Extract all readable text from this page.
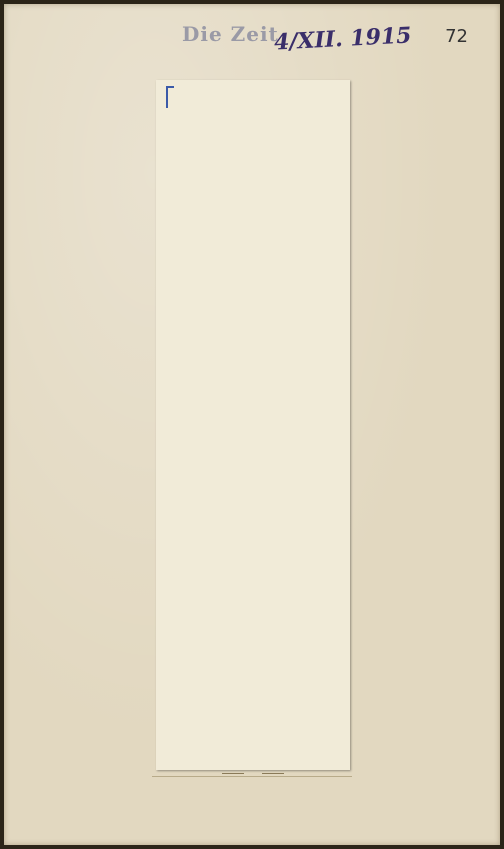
Die Zeit
4/XII. 1915 72
